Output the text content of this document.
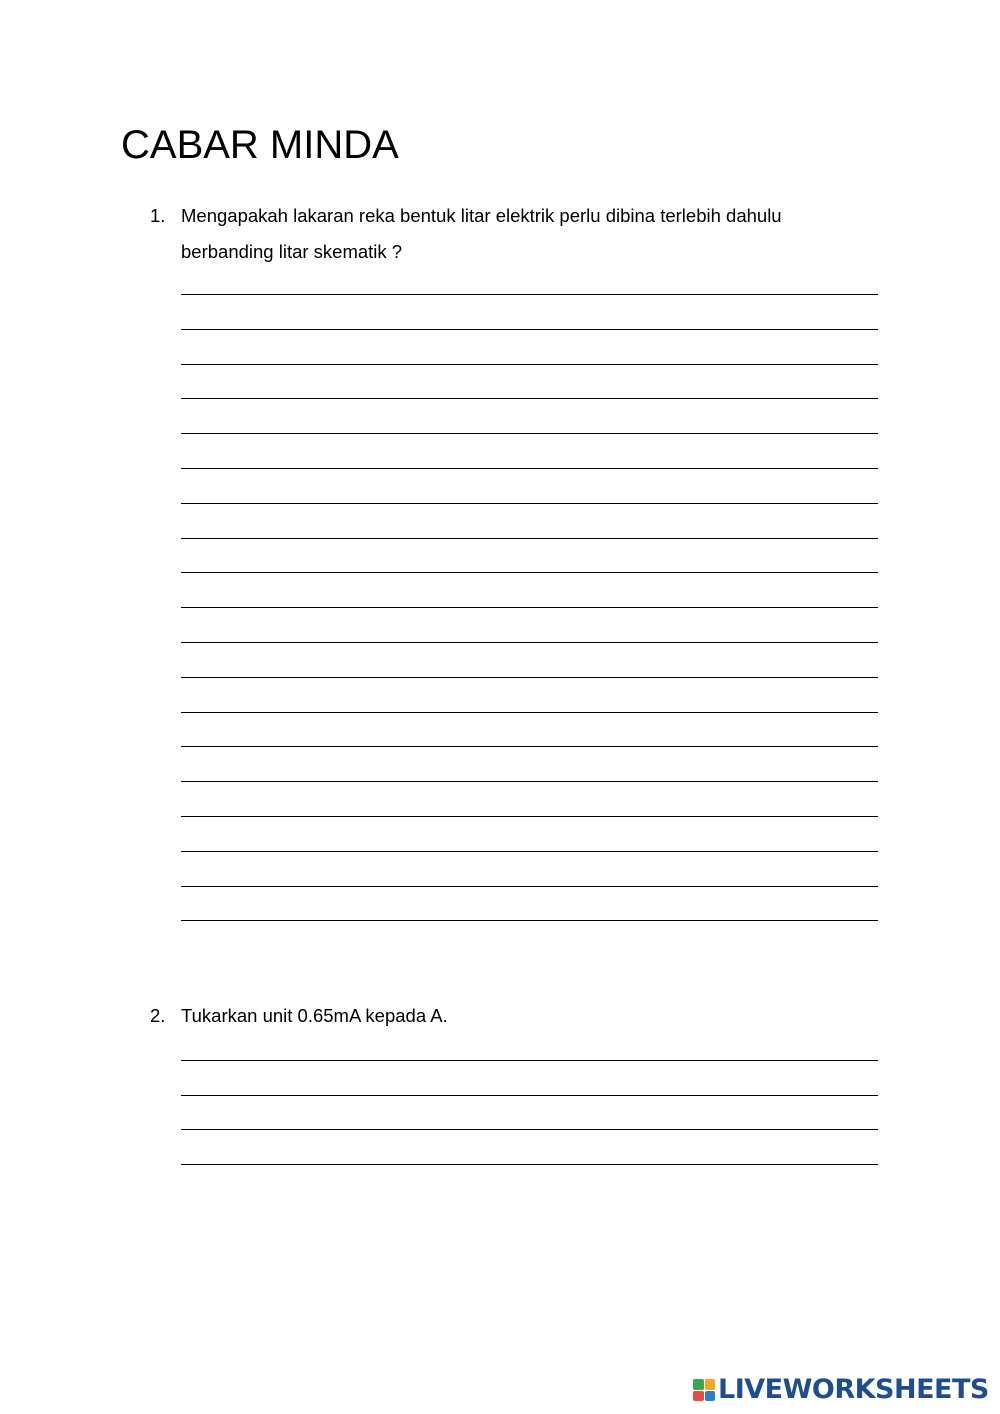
CABAR MINDA
1. Mengapakah lakaran reka bentuk litar elektrik perlu dibina terlebih dahulu
berbanding litar skematik ?
2. Tukarkan unit 0.65mA kepada A.
LIVEWORKSHEETS
